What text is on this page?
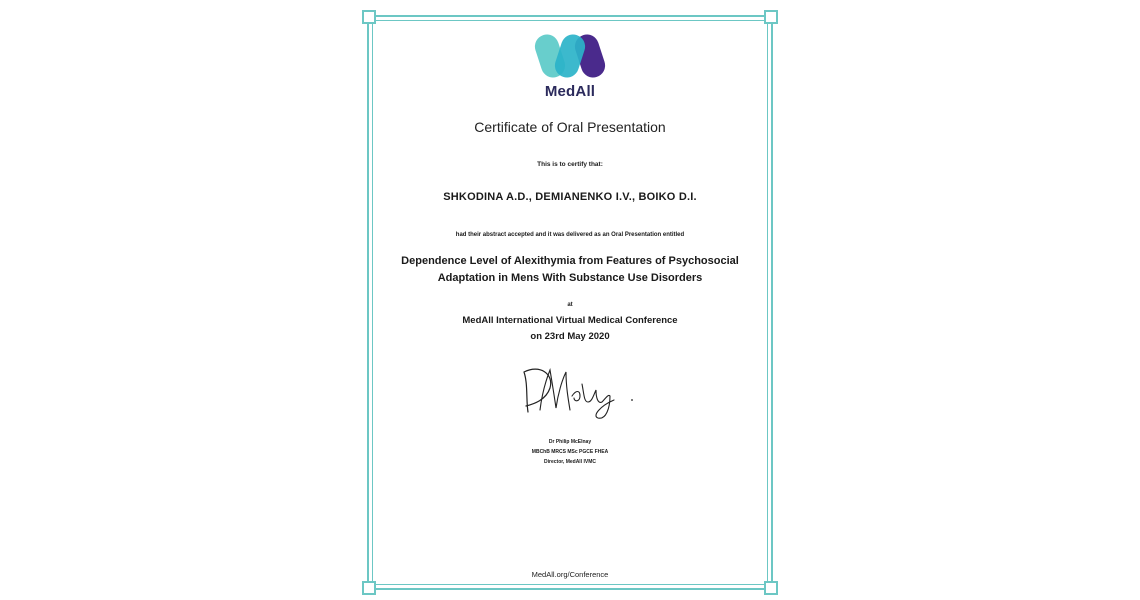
MedAll
Certificate of Oral Presentation
This is to certify that:
SHKODINA A.D., DEMIANENKO I.V., BOIKO D.I.
had their abstract accepted and it was delivered as an Oral Presentation entitled
Dependence Level of Alexithymia from Features of Psychosocial
Adaptation in Mens With Substance Use Disorders
at
MedAll International Virtual Medical Conference
on 23rd May 2020
Dr Philip McElnay
MBChB MRCS MSc PGCE FHEA
Director, MedAll IVMC
MedAll.org/Conference
